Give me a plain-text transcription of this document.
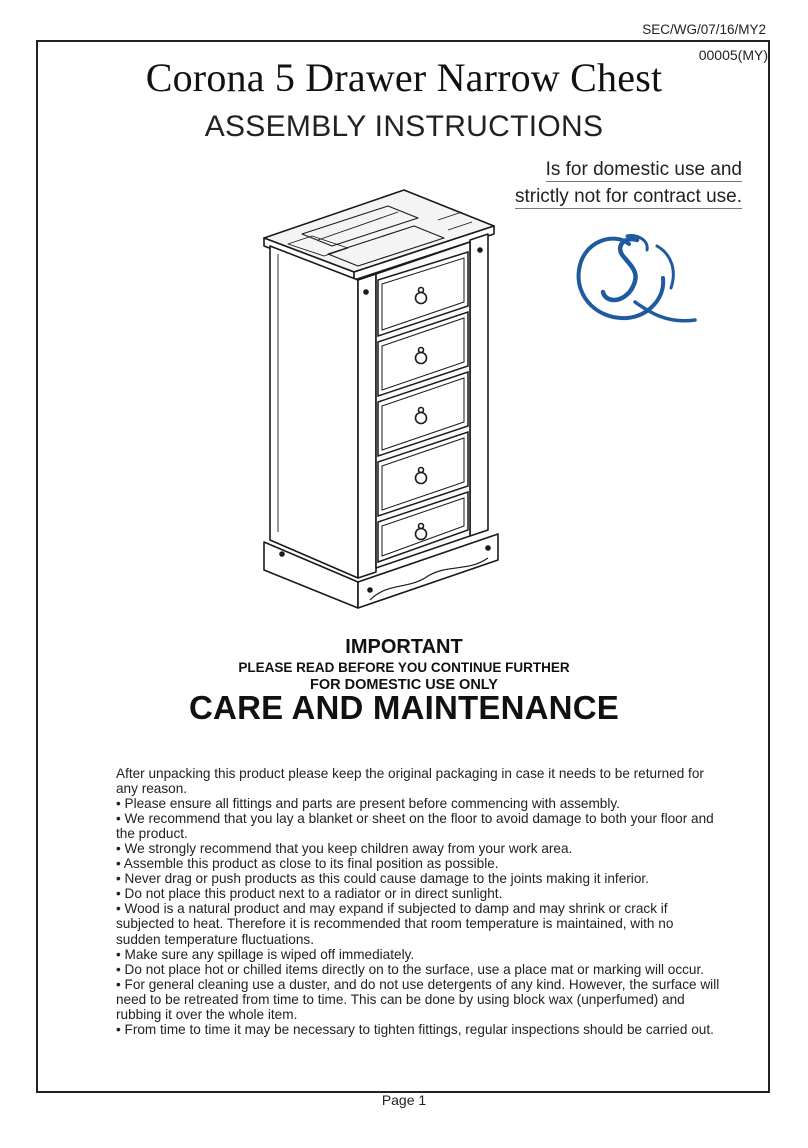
SEC/WG/07/16/MY2
00005(MY)
Corona 5 Drawer Narrow Chest
ASSEMBLY INSTRUCTIONS
Is for domestic use and
strictly not for contract use.
IMPORTANT
PLEASE READ BEFORE YOU CONTINUE FURTHER
FOR DOMESTIC USE ONLY
CARE AND MAINTENANCE

After unpacking this product please keep the original packaging in case it needs to be returned for any reason.

• Please ensure all fittings and parts are present before commencing with assembly.

• We recommend that you lay a blanket or sheet on the floor to avoid damage to both your floor and the product.

• We strongly recommend that you keep children away from your work area.

• Assemble this product as close to its final position as possible.

• Never drag or push products as this could cause damage to the joints making it inferior.

• Do not place this product next to a radiator or in direct sunlight.

• Wood is a natural product and may expand if subjected to damp and may shrink or crack if subjected to heat. Therefore it is recommended that room temperature is maintained, with no sudden temperature fluctuations.

• Make sure any spillage is wiped off immediately.

• Do not place hot or chilled items directly on to the surface, use a place mat or marking will occur.

• For general cleaning use a duster, and do not use detergents of any kind. However, the surface will need to be retreated from time to time. This can be done by using block wax (unperfumed) and rubbing it over the whole item.

• From time to time it may be necessary to tighten fittings, regular inspections should be carried out.

Page 1
